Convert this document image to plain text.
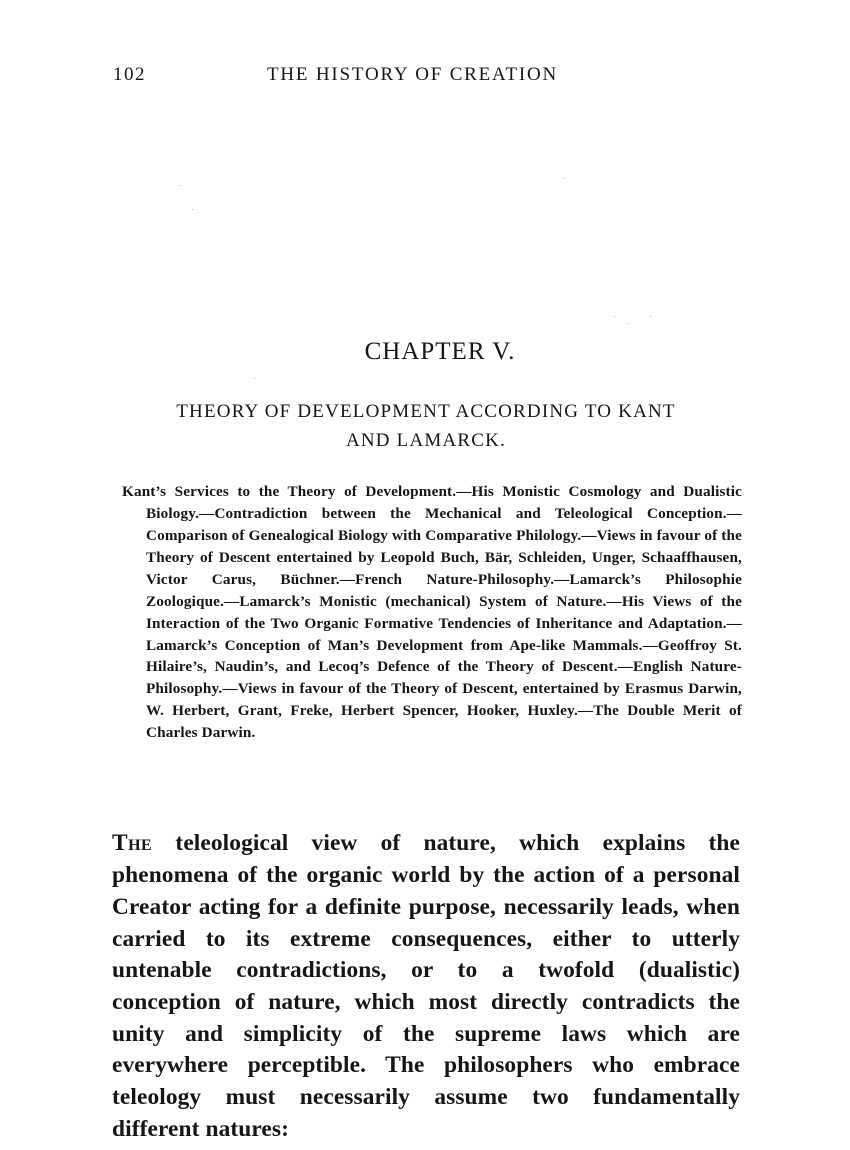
102	THE HISTORY OF CREATION
CHAPTER V.
THEORY OF DEVELOPMENT ACCORDING TO KANT
AND LAMARCK.

Kant’s Services to the Theory of Development.—His Monistic Cosmology and Dualistic Biology.—Contradiction between the Mechanical and Teleological Conception.—Comparison of Genealogical Biology with Comparative Philology.—Views in favour of the Theory of Descent entertained by Leopold Buch, Bär, Schleiden, Unger, Schaaffhausen, Victor Carus, Büchner.—French Nature-Philosophy.—Lamarck’s Philosophie Zoologique.—Lamarck’s Monistic (mechanical) System of Nature.—His Views of the Interaction of the Two Organic Formative Tendencies of Inheritance and Adaptation.—Lamarck’s Conception of Man’s Development from Ape-like Mammals.—Geoffroy St. Hilaire’s, Naudin’s, and Lecoq’s Defence of the Theory of Descent.—English Nature-Philosophy.—Views in favour of the Theory of Descent, entertained by Erasmus Darwin, W. Herbert, Grant, Freke, Herbert Spencer, Hooker, Huxley.—The Double Merit of Charles Darwin.

The teleological view of nature, which explains the phenomena of the organic world by the action of a personal Creator acting for a definite purpose, necessarily leads, when carried to its extreme consequences, either to utterly untenable contradictions, or to a twofold (dualistic) conception of nature, which most directly contradicts the unity and simplicity of the supreme laws which are everywhere perceptible. The philosophers who embrace teleology must necessarily assume two fundamentally different natures:
